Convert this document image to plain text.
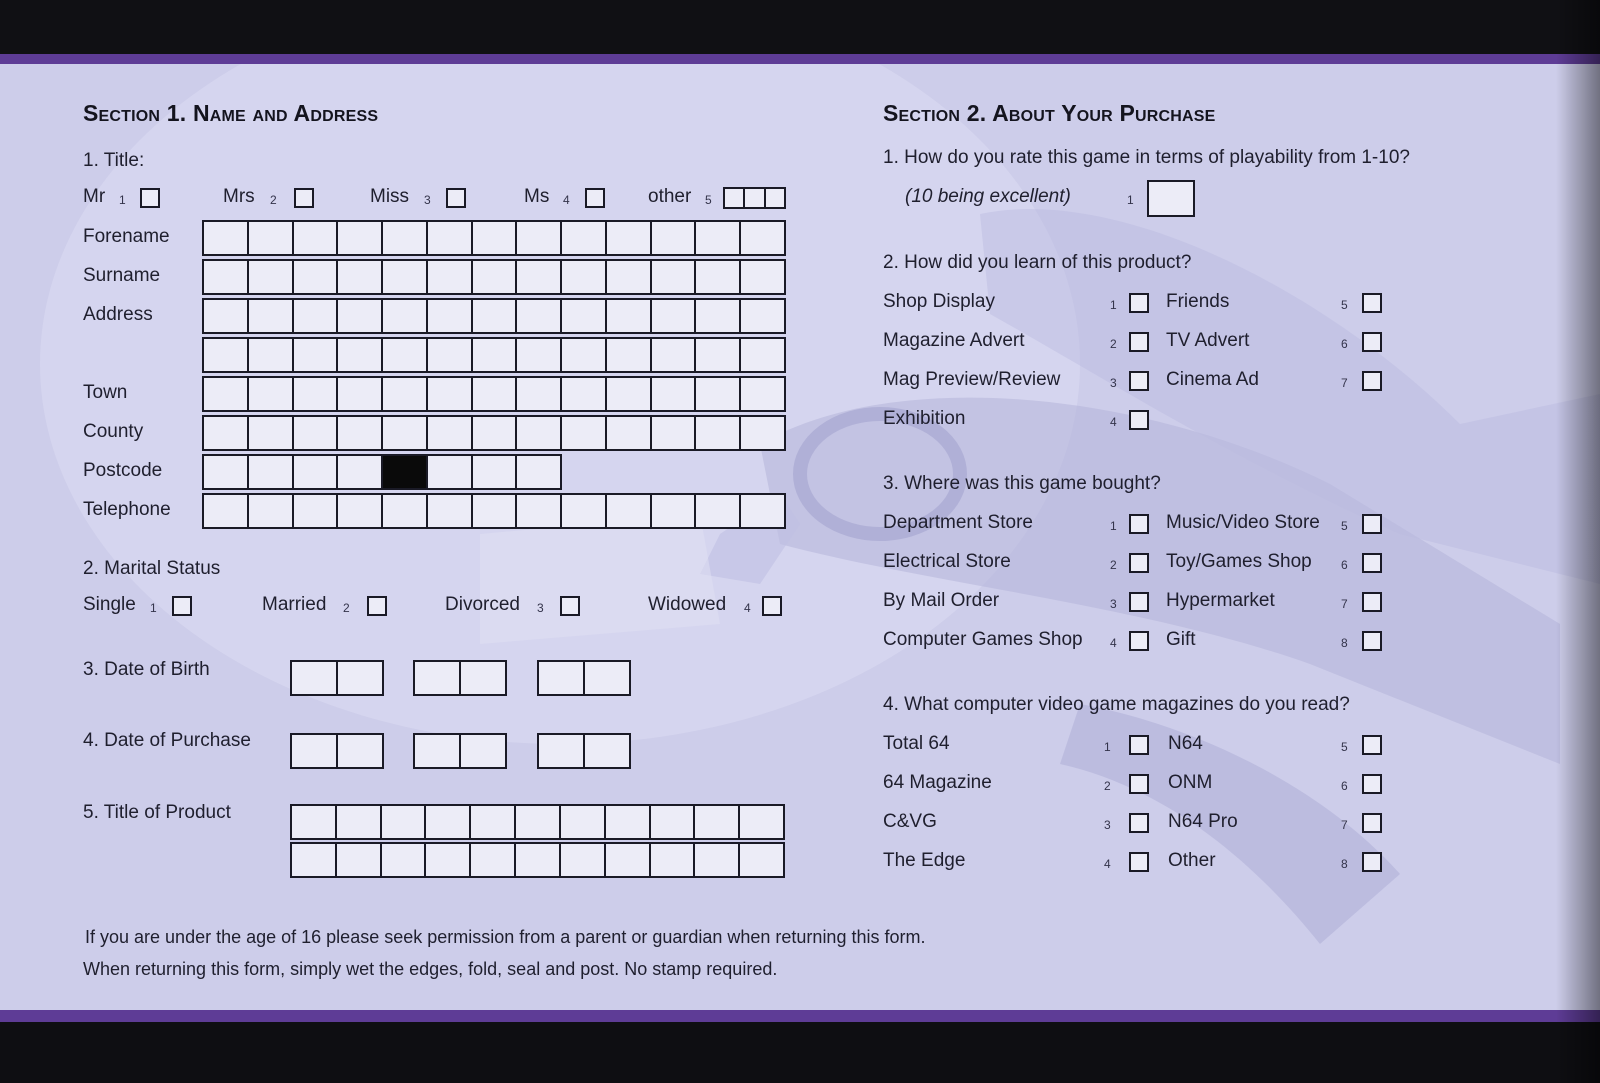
Section 1. Name and Address
1. Title:
Mr 1	Mrs 2	Miss 3	Ms 4	other 5
Forename
Surname
Address
Town
County
Postcode
Telephone
2. Marital Status
Single 1	Married 2	Divorced 3	Widowed 4
3. Date of Birth
4. Date of Purchase
5. Title of Product
Section 2. About Your Purchase
1. How do you rate this game in terms of playability from 1-10?
(10 being excellent)	1
2. How did you learn of this product?
Shop Display	1
Magazine Advert	2
Mag Preview/Review	3
Exhibition	4
Friends	5
TV Advert	6
Cinema Ad	7
3. Where was this game bought?
Department Store	1
Electrical Store	2
By Mail Order	3
Computer Games Shop 4
Music/Video Store 5
Toy/Games Shop 6
Hypermarket	7
Gift	8
4. What computer video game magazines do you read?
Total 64	1
64 Magazine	2
C&VG	3
The Edge	4
N64	5
ONM	6
N64 Pro	7
Other	8
If you are under the age of 16 please seek permission from a parent or guardian when returning this form.
When returning this form, simply wet the edges, fold, seal and post. No stamp required.
